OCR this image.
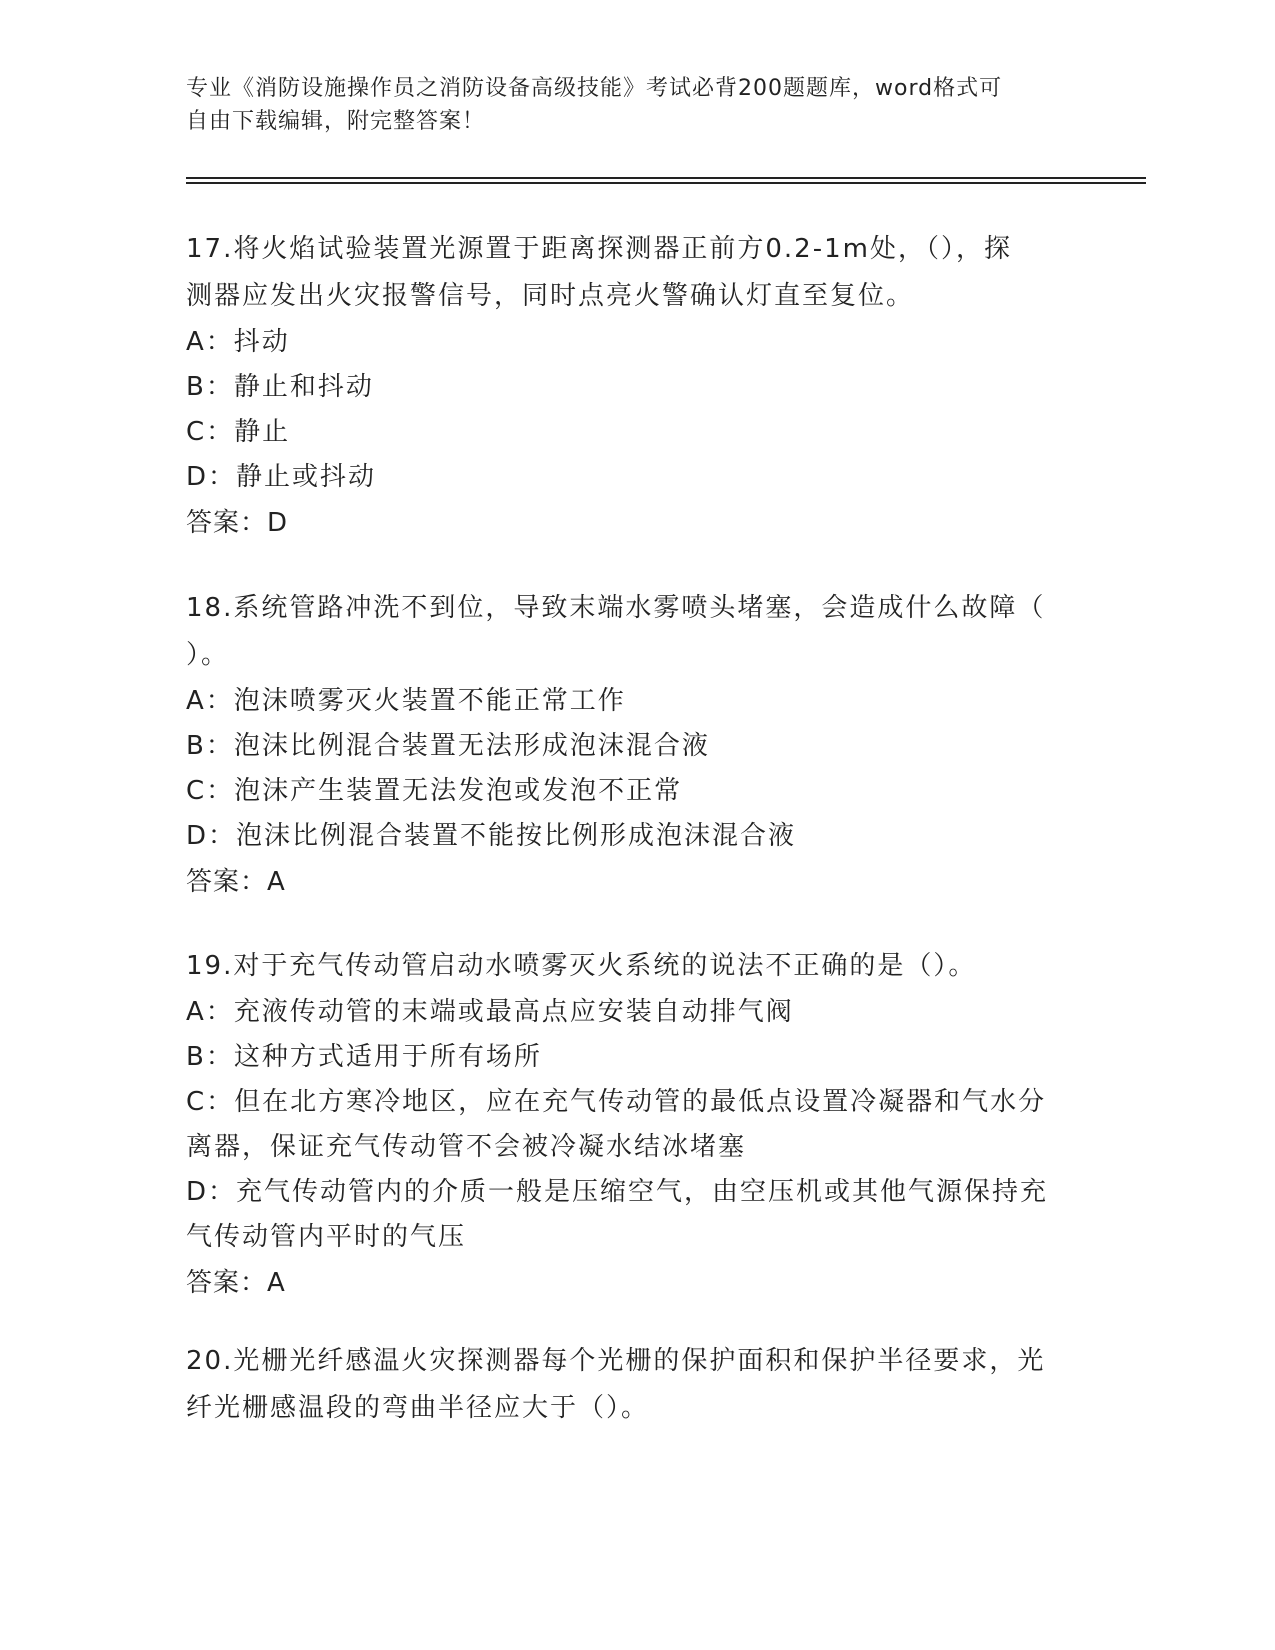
专业《消防设施操作员之消防设备高级技能》考试必背200题题库，word格式可
自由下载编辑，附完整答案！

17.将火焰试验装置光源置于距离探测器正前方0.2-1m处，（），探

测器应发出火灾报警信号，同时点亮火警确认灯直至复位。

A：抖动

B：静止和抖动

C：静止

D：静止或抖动

答案：D

18.系统管路冲洗不到位，导致末端水雾喷头堵塞，会造成什么故障（

）。

A：泡沫喷雾灭火装置不能正常工作

B：泡沫比例混合装置无法形成泡沫混合液

C：泡沫产生装置无法发泡或发泡不正常

D：泡沫比例混合装置不能按比例形成泡沫混合液

答案：A

19.对于充气传动管启动水喷雾灭火系统的说法不正确的是（）。

A：充液传动管的末端或最高点应安装自动排气阀

B：这种方式适用于所有场所

C：但在北方寒冷地区，应在充气传动管的最低点设置冷凝器和气水分

离器，保证充气传动管不会被冷凝水结冰堵塞

D：充气传动管内的介质一般是压缩空气，由空压机或其他气源保持充

气传动管内平时的气压

答案：A

20.光栅光纤感温火灾探测器每个光栅的保护面积和保护半径要求，光

纤光栅感温段的弯曲半径应大于（）。
